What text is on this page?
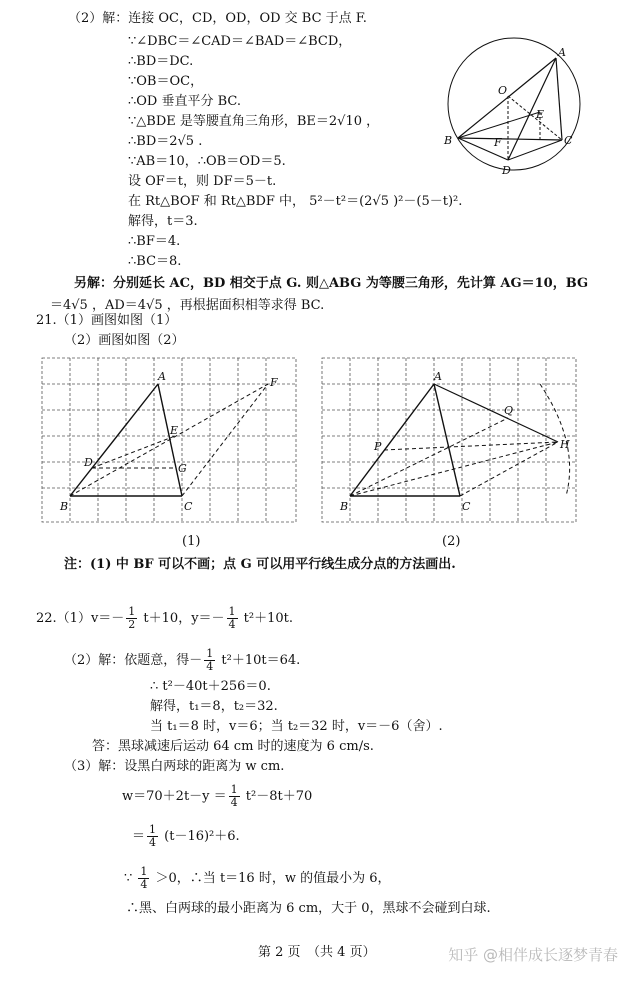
（2）解：连接 OC，CD，OD，OD 交 BC 于点 F.
∵∠DBC＝∠CAD＝∠BAD＝∠BCD，
∴BD＝DC.
∵OB＝OC，
∴OD 垂直平分 BC.
∵△BDE 是等腰直角三角形，BE＝2√10 ，
∴BD＝2√5 .
∵AB＝10，∴OB＝OD＝5.
设 OF＝t，则 DF＝5－t.
在 Rt△BOF 和 Rt△BDF 中， 5²－t²＝(2√5 )²－(5－t)².
解得，t＝3.
∴BF＝4.
∴BC＝8.
另解：分别延长 AC，BD 相交于点 G. 则△ABG 为等腰三角形，先计算 AG＝10，BG
＝4√5 ，AD＝4√5 ，再根据面积相等求得 BC.
A
O
E
B	F	C
D
21.（1）画图如图（1）
（2）画图如图（2）
A	F
E
D	G
B	C
A
Q
P	H
B	C
(1)	(2)
注：(1) 中 BF 可以不画；点 G 可以用平行线生成分点的方法画出.
$22.(1)v=- \frac{1}{2} t+10$，$y=- \frac{1}{4} t^2+10t$.
（2）解：依题意，得－ $\frac{1}{4} t^2+10t=64$.
∴ t²－40t＋256＝0.
解得，t₁＝8，t₂＝32.
当 t₁＝8 时，v＝6；当 t₂＝32 时，v＝－6（舍）.
答：黑球减速后运动 64 cm 时的速度为 6 cm/s.
（3）解：设黑白两球的距离为 w cm.
$w=70+2t-y = \frac{1}{4} t^2-8t+70$
＝ $\frac{1}{4} (t-16)^2+6$.
∵ $\frac{1}{4} >0$，∴当 t＝16 时，w 的值最小为 6，
∴黑、白两球的最小距离为 6 cm，大于 0，黑球不会碰到白球.
第 2 页　（共 4 页）	知乎 @相伴成长逐梦青春
